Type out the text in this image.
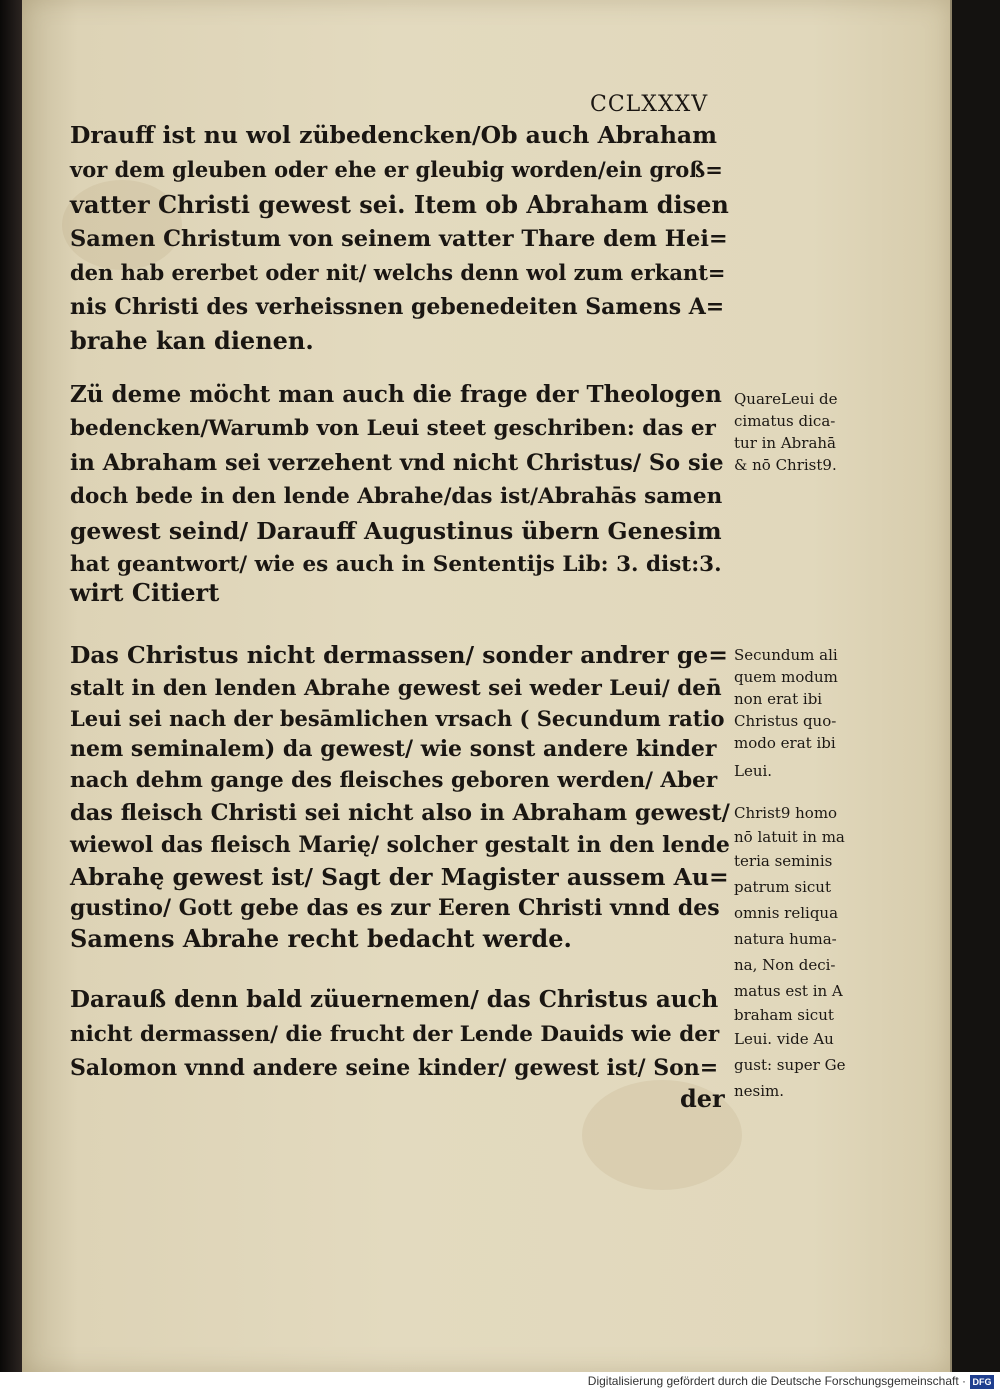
CCLXXXV
Drauff ist nu wol zübedencken/Ob auch Abraham
vor dem gleuben oder ehe er gleubig worden/ein groß=
vatter Christi gewest sei. Item ob Abraham disen
Samen Christum von seinem vatter Thare dem Hei=
den hab ererbet oder nit/ welchs denn wol zum erkant=
nis Christi des verheissnen gebenedeiten Samens A=
brahe kan dienen.
Zü deme möcht man auch die frage der Theologen
bedencken/Warumb von Leui steet geschriben: das er
in Abraham sei verzehent vnd nicht Christus/ So sie
doch bede in den lende Abrahe/das ist/Abrahās samen
gewest seind/ Darauff Augustinus übern Genesim
hat geantwort/ wie es auch in Sententijs Lib: 3. dist:3.
wirt Citiert
Das Christus nicht dermassen/ sonder andrer ge=
stalt in den lenden Abrahe gewest sei weder Leui/ den̄
Leui sei nach der besāmlichen vrsach ( Secundum ratio
nem seminalem) da gewest/ wie sonst andere kinder
nach dehm gange des fleisches geboren werden/ Aber
das fleisch Christi sei nicht also in Abraham gewest/
wiewol das fleisch Marię/ solcher gestalt in den lende
Abrahę gewest ist/ Sagt der Magister aussem Au=
gustino/ Gott gebe das es zur Eeren Christi vnnd des
Samens Abrahe recht bedacht werde.
Darauß denn bald züuernemen/ das Christus auch
nicht dermassen/ die frucht der Lende Dauids wie der
Salomon vnnd andere seine kinder/ gewest ist/ Son=
der
QuareLeui de
cimatus dica-
tur in Abrahā
& nō Christ9.
Secundum ali
quem modum
non erat ibi
Christus quo-
modo erat ibi
Leui.
Christ9 homo
nō latuit in ma
teria seminis
patrum sicut
omnis reliqua
natura huma-
na, Non deci-
matus est in A
braham sicut
Leui. vide Au
gust: super Ge
nesim.
Digitalisierung gefördert durch die Deutsche Forschungsgemeinschaft · DFG
